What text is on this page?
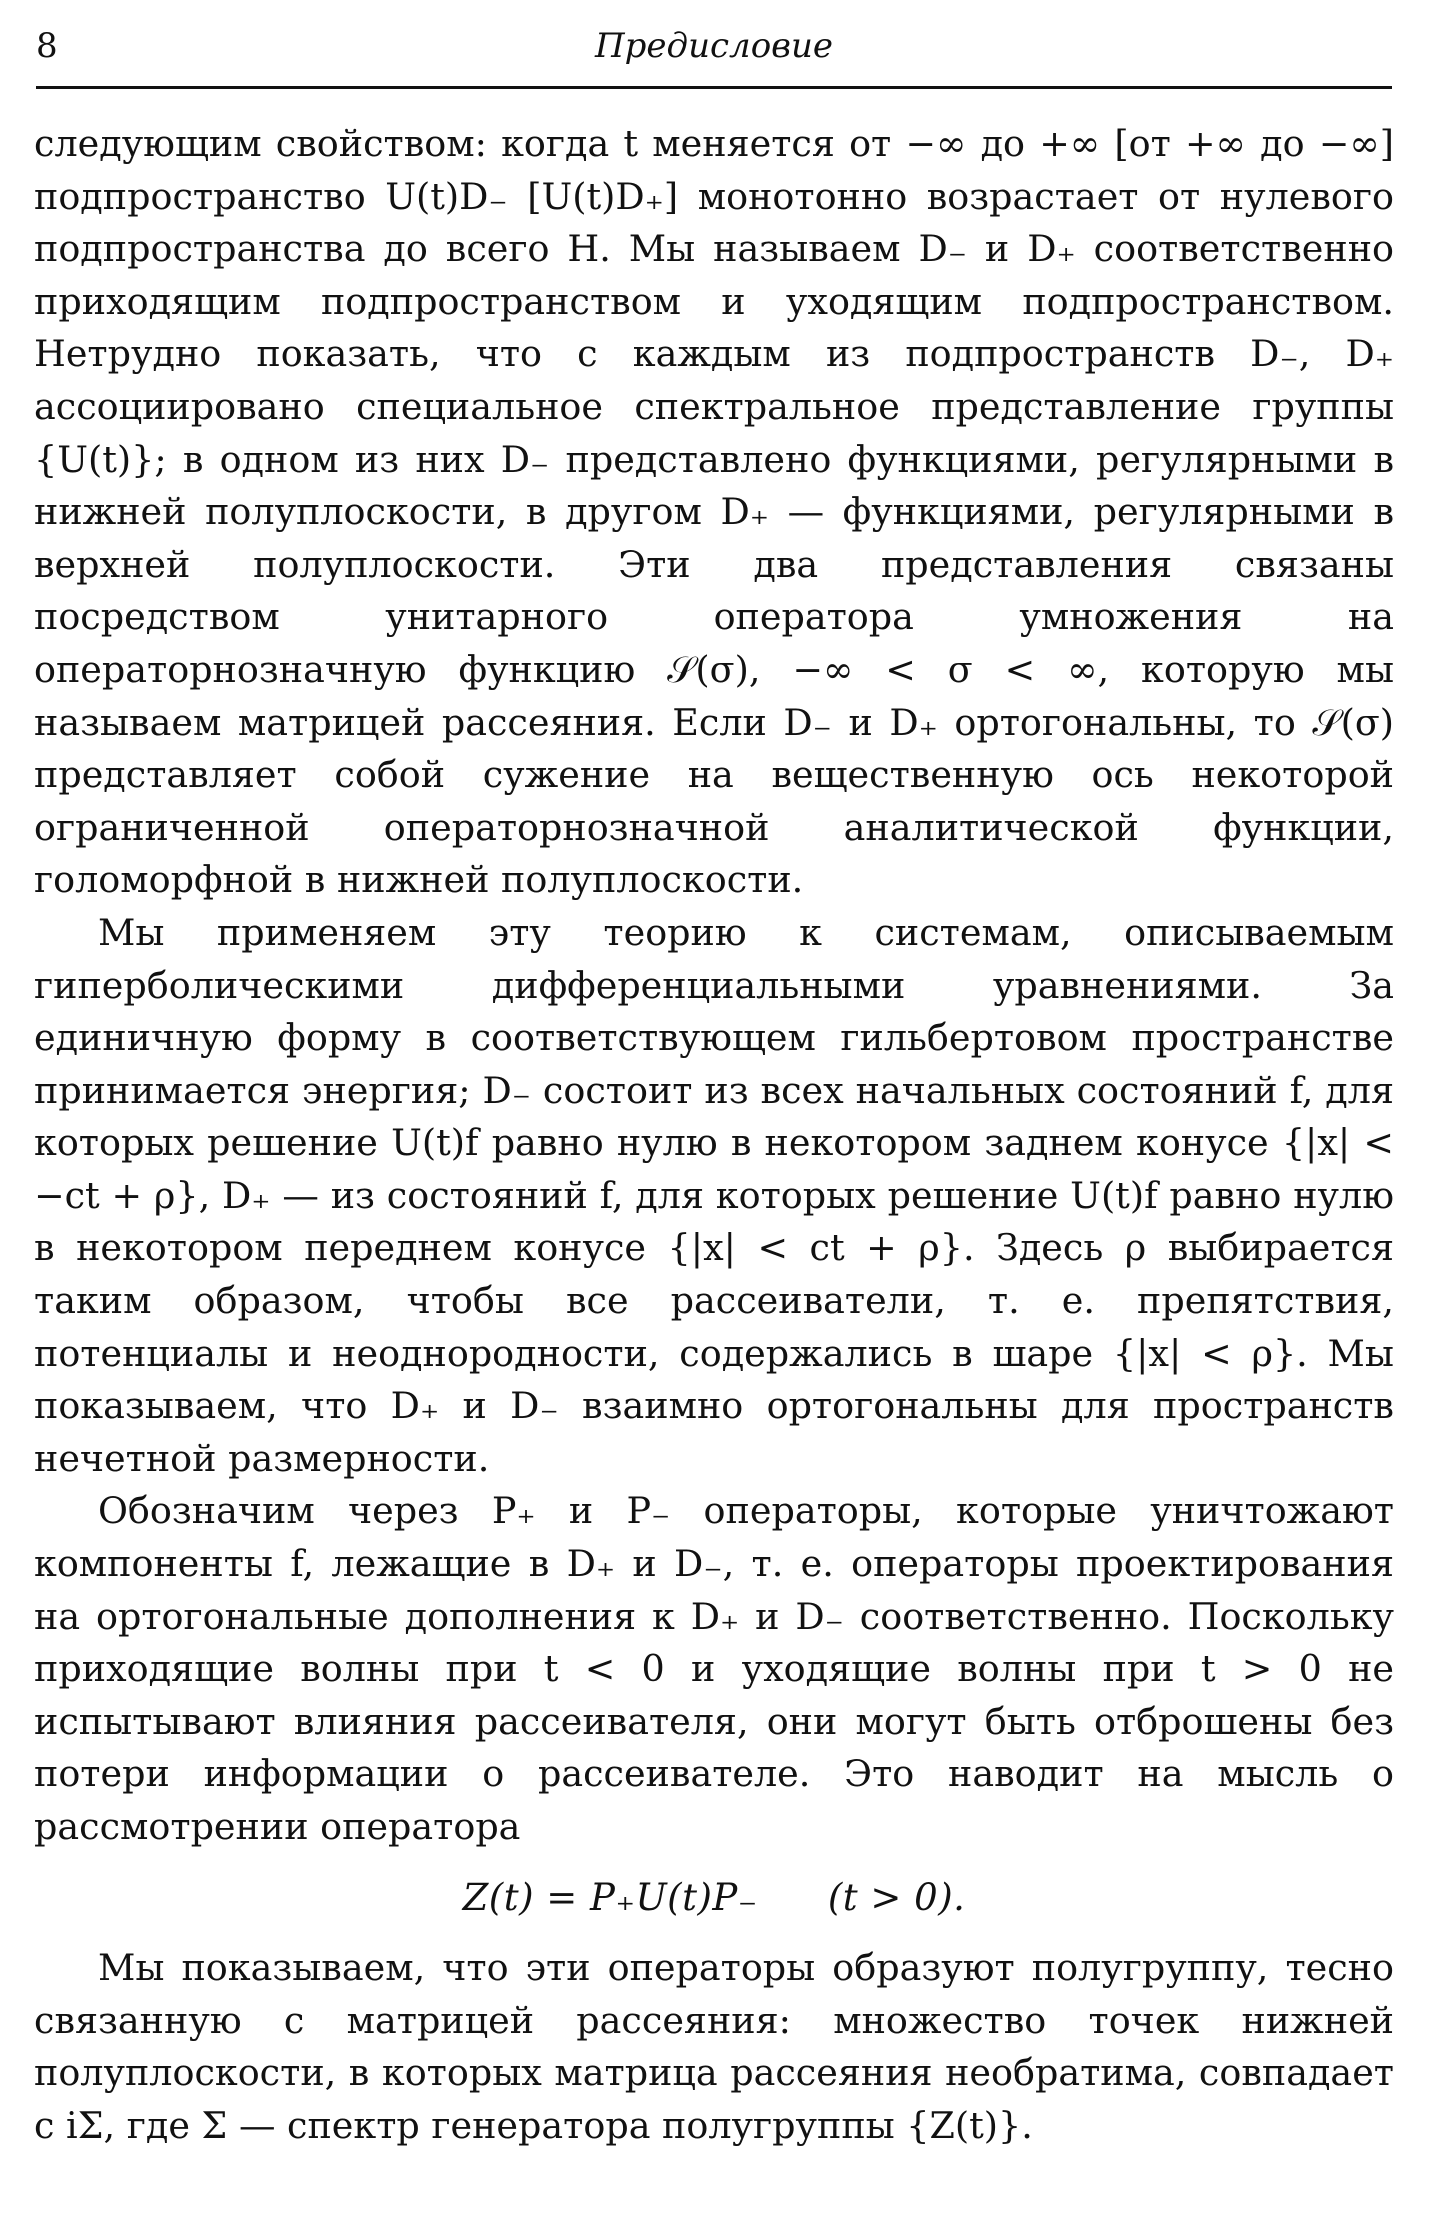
8	Предисловие

следующим свойством: когда t меняется от −∞ до +∞ [от +∞ до −∞] подпространство U(t)D₋ [U(t)D₊] монотонно возрастает от нулевого подпространства до всего H. Мы называем D₋ и D₊ соответственно приходящим подпространством и уходящим подпространством. Нетрудно показать, что с каждым из подпространств D₋, D₊ ассоциировано специальное спектральное представление группы {U(t)}; в одном из них D₋ представлено функциями, регулярными в нижней полуплоскости, в другом D₊ — функциями, регулярными в верхней полуплоскости. Эти два представления связаны посредством унитарного оператора умножения на операторнозначную функцию 𝒮(σ), −∞ < σ < ∞, которую мы называем матрицей рассеяния. Если D₋ и D₊ ортогональны, то 𝒮(σ) представляет собой сужение на вещественную ось некоторой ограниченной операторнозначной аналитической функции, голоморфной в нижней полуплоскости.

Мы применяем эту теорию к системам, описываемым гиперболическими дифференциальными уравнениями. За единичную форму в соответствующем гильбертовом пространстве принимается энергия; D₋ состоит из всех начальных состояний f, для которых решение U(t)f равно нулю в некотором заднем конусе {|x| < −ct + ρ}, D₊ — из состояний f, для которых решение U(t)f равно нулю в некотором переднем конусе {|x| < ct + ρ}. Здесь ρ выбирается таким образом, чтобы все рассеиватели, т. е. препятствия, потенциалы и неоднородности, содержались в шаре {|x| < ρ}. Мы показываем, что D₊ и D₋ взаимно ортогональны для пространств нечетной размерности.

Обозначим через P₊ и P₋ операторы, которые уничтожают компоненты f, лежащие в D₊ и D₋, т. е. операторы проектирования на ортогональные дополнения к D₊ и D₋ соответственно. Поскольку приходящие волны при t < 0 и уходящие волны при t > 0 не испытывают влияния рассеивателя, они могут быть отброшены без потери информации о рассеивателе. Это наводит на мысль о рассмотрении оператора

Z(t) = P₊U(t)P₋ (t > 0).

Мы показываем, что эти операторы образуют полугруппу, тесно связанную с матрицей рассеяния: множество точек нижней полуплоскости, в которых матрица рассеяния необратима, совпадает с iΣ, где Σ — спектр генератора полугруппы {Z(t)}.
